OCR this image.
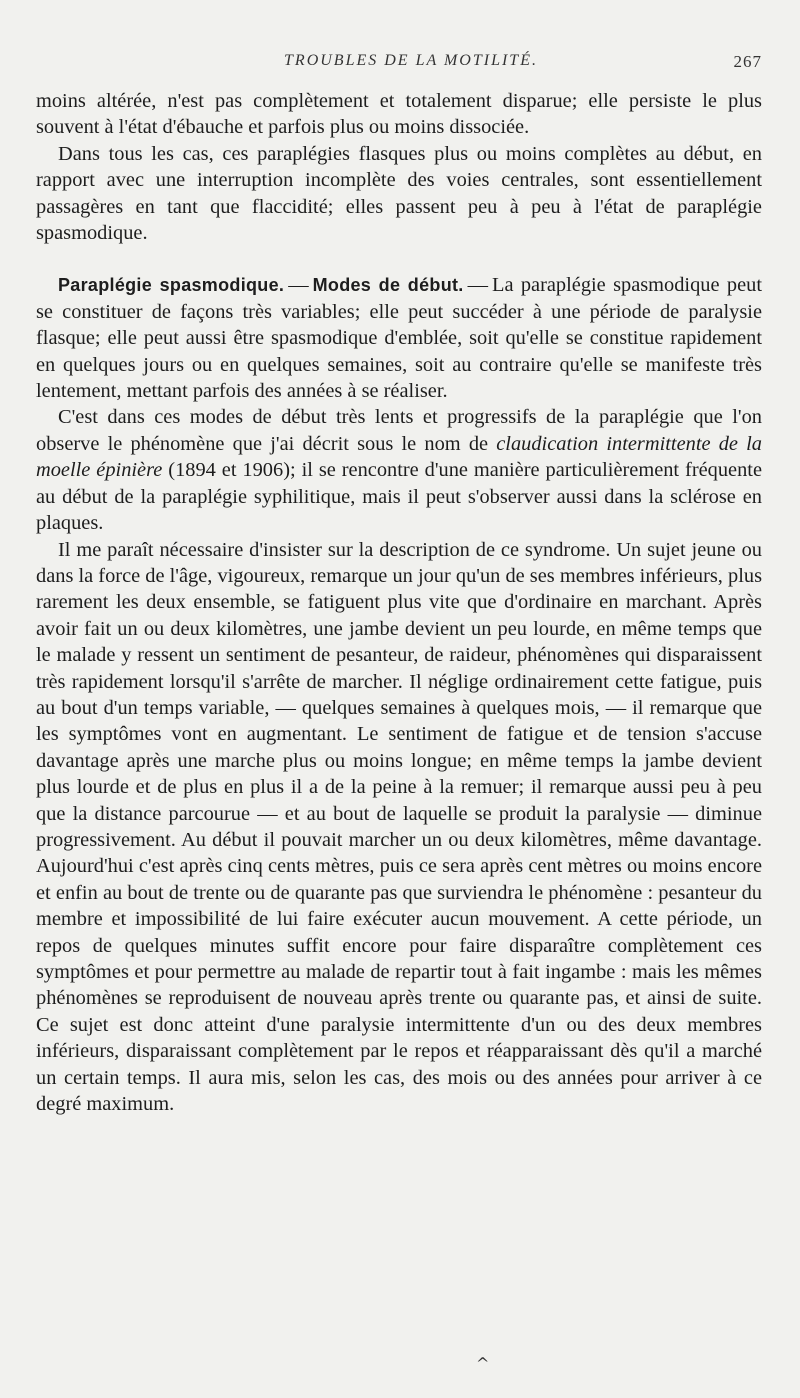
TROUBLES DE LA MOTILITÉ.	267

moins altérée, n'est pas complètement et totalement disparue; elle persiste le plus souvent à l'état d'ébauche et parfois plus ou moins dissociée.

Dans tous les cas, ces paraplégies flasques plus ou moins complètes au début, en rapport avec une interruption incomplète des voies centrales, sont essentiellement passagères en tant que flaccidité; elles passent peu à peu à l'état de paraplégie spasmodique.

Paraplégie spasmodique. — Modes de début. — La paraplégie spasmodique peut se constituer de façons très variables; elle peut succéder à une période de paralysie flasque; elle peut aussi être spasmodique d'emblée, soit qu'elle se constitue rapidement en quelques jours ou en quelques semaines, soit au contraire qu'elle se manifeste très lentement, mettant parfois des années à se réaliser.

C'est dans ces modes de début très lents et progressifs de la paraplégie que l'on observe le phénomène que j'ai décrit sous le nom de claudication intermittente de la moelle épinière (1894 et 1906); il se rencontre d'une manière particulièrement fréquente au début de la paraplégie syphilitique, mais il peut s'observer aussi dans la sclérose en plaques.

Il me paraît nécessaire d'insister sur la description de ce syndrome. Un sujet jeune ou dans la force de l'âge, vigoureux, remarque un jour qu'un de ses membres inférieurs, plus rarement les deux ensemble, se fatiguent plus vite que d'ordinaire en marchant. Après avoir fait un ou deux kilomètres, une jambe devient un peu lourde, en même temps que le malade y ressent un sentiment de pesanteur, de raideur, phénomènes qui disparaissent très rapidement lorsqu'il s'arrête de marcher. Il néglige ordinairement cette fatigue, puis au bout d'un temps variable, — quelques semaines à quelques mois, — il remarque que les symptômes vont en augmentant. Le sentiment de fatigue et de tension s'accuse davantage après une marche plus ou moins longue; en même temps la jambe devient plus lourde et de plus en plus il a de la peine à la remuer; il remarque aussi peu à peu que la distance parcourue — et au bout de laquelle se produit la paralysie — diminue progressivement. Au début il pouvait marcher un ou deux kilomètres, même davantage. Aujourd'hui c'est après cinq cents mètres, puis ce sera après cent mètres ou moins encore et enfin au bout de trente ou de quarante pas que surviendra le phénomène : pesanteur du membre et impossibilité de lui faire exécuter aucun mouvement. A cette période, un repos de quelques minutes suffit encore pour faire disparaître complètement ces symptômes et pour permettre au malade de repartir tout à fait ingambe : mais les mêmes phénomènes se reproduisent de nouveau après trente ou quarante pas, et ainsi de suite. Ce sujet est donc atteint d'une paralysie intermittente d'un ou des deux membres inférieurs, disparaissant complètement par le repos et réapparaissant dès qu'il a marché un certain temps. Il aura mis, selon les cas, des mois ou des années pour arriver à ce degré maximum.

^
